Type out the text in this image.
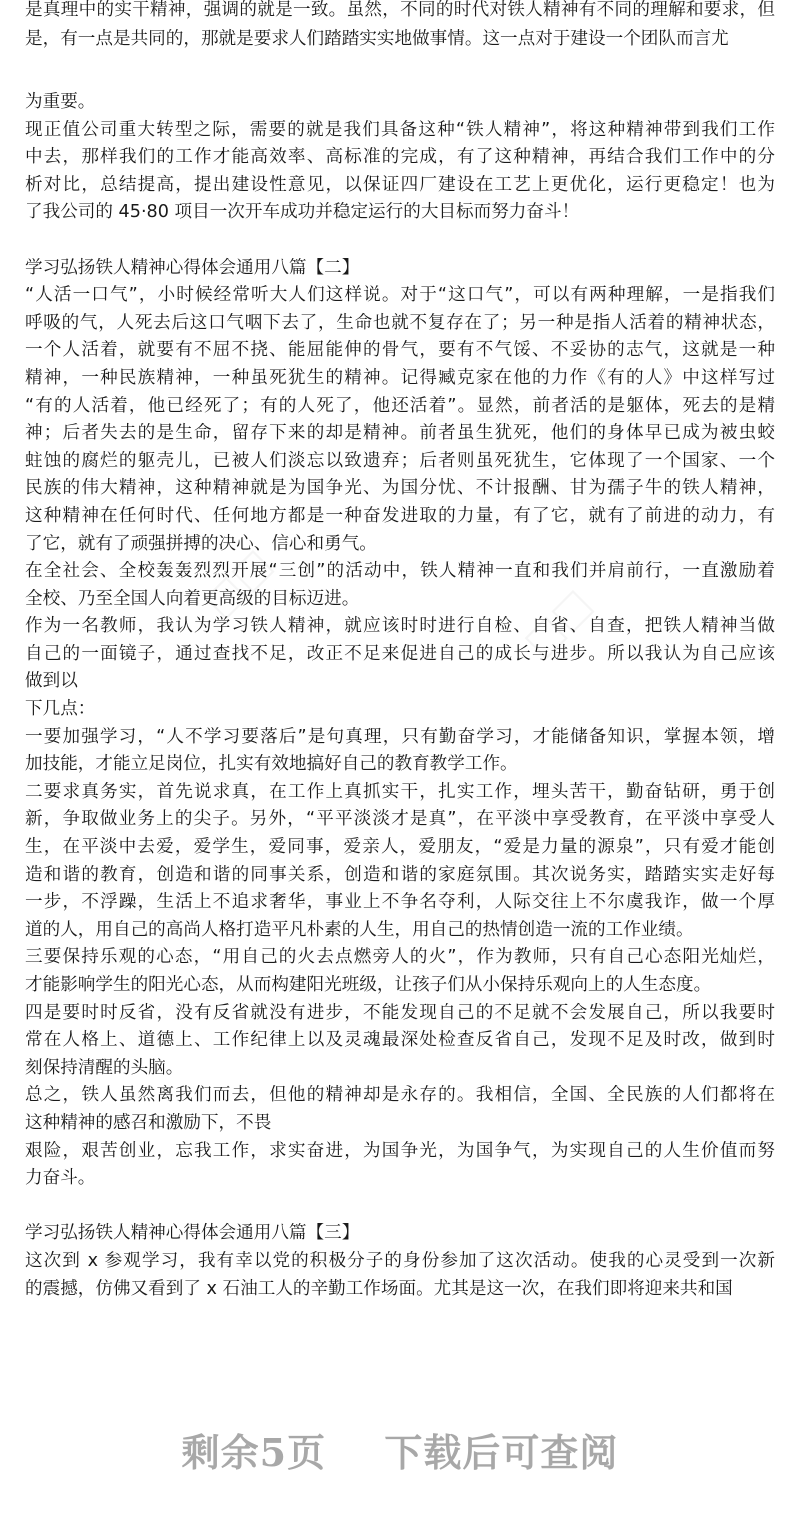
是真理中的实干精神，强调的就是一致。虽然，不同的时代对铁人精神有不同的理解和要求，但
是，有一点是共同的，那就是要求人们踏踏实实地做事情。这一点对于建设一个团队而言尤
为重要。
现正值公司重大转型之际，需要的就是我们具备这种“铁人精神”，将这种精神带到我们工作
中去，那样我们的工作才能高效率、高标准的完成，有了这种精神，再结合我们工作中的分
析对比，总结提高，提出建设性意见，以保证四厂建设在工艺上更优化，运行更稳定！也为
了我公司的 45·80 项目一次开车成功并稳定运行的大目标而努力奋斗！
学习弘扬铁人精神心得体会通用八篇【二】
“人活一口气”，小时候经常听大人们这样说。对于“这口气”，可以有两种理解，一是指我们
呼吸的气，人死去后这口气咽下去了，生命也就不复存在了；另一种是指人活着的精神状态，
一个人活着，就要有不屈不挠、能屈能伸的骨气，要有不气馁、不妥协的志气，这就是一种
精神，一种民族精神，一种虽死犹生的精神。记得臧克家在他的力作《有的人》中这样写过
“有的人活着，他已经死了；有的人死了，他还活着”。显然，前者活的是躯体，死去的是精
神；后者失去的是生命，留存下来的却是精神。前者虽生犹死，他们的身体早已成为被虫蛟
蛀蚀的腐烂的躯壳儿，已被人们淡忘以致遗弃；后者则虽死犹生，它体现了一个国家、一个
民族的伟大精神，这种精神就是为国争光、为国分忧、不计报酬、甘为孺子牛的铁人精神，
这种精神在任何时代、任何地方都是一种奋发进取的力量，有了它，就有了前进的动力，有
了它，就有了顽强拼搏的决心、信心和勇气。
在全社会、全校轰轰烈烈开展“三创”的活动中，铁人精神一直和我们并肩前行，一直激励着
全校、乃至全国人向着更高级的目标迈进。
作为一名教师，我认为学习铁人精神，就应该时时进行自检、自省、自查，把铁人精神当做
自己的一面镜子，通过查找不足，改正不足来促进自己的成长与进步。所以我认为自己应该
做到以
下几点：
一要加强学习，“人不学习要落后”是句真理，只有勤奋学习，才能储备知识，掌握本领，增
加技能，才能立足岗位，扎实有效地搞好自己的教育教学工作。
二要求真务实，首先说求真，在工作上真抓实干，扎实工作，埋头苦干，勤奋钻研，勇于创
新，争取做业务上的尖子。另外，“平平淡淡才是真”，在平淡中享受教育，在平淡中享受人
生，在平淡中去爱，爱学生，爱同事，爱亲人，爱朋友，“爱是力量的源泉”，只有爱才能创
造和谐的教育，创造和谐的同事关系，创造和谐的家庭氛围。其次说务实，踏踏实实走好每
一步，不浮躁，生活上不追求奢华，事业上不争名夺利，人际交往上不尔虞我诈，做一个厚
道的人，用自己的高尚人格打造平凡朴素的人生，用自己的热情创造一流的工作业绩。
三要保持乐观的心态，“用自己的火去点燃旁人的火”，作为教师，只有自己心态阳光灿烂，
才能影响学生的阳光心态，从而构建阳光班级，让孩子们从小保持乐观向上的人生态度。
四是要时时反省，没有反省就没有进步，不能发现自己的不足就不会发展自己，所以我要时
常在人格上、道德上、工作纪律上以及灵魂最深处检查反省自己，发现不足及时改，做到时
刻保持清醒的头脑。
总之，铁人虽然离我们而去，但他的精神却是永存的。我相信，全国、全民族的人们都将在
这种精神的感召和激励下，不畏
艰险，艰苦创业，忘我工作，求实奋进，为国争光，为国争气，为实现自己的人生价值而努
力奋斗。
学习弘扬铁人精神心得体会通用八篇【三】
这次到 x 参观学习，我有幸以党的积极分子的身份参加了这次活动。使我的心灵受到一次新
的震撼，仿佛又看到了 x 石油工人的辛勤工作场面。尤其是这一次，在我们即将迎来共和国
剩余5页 下载后可查阅
